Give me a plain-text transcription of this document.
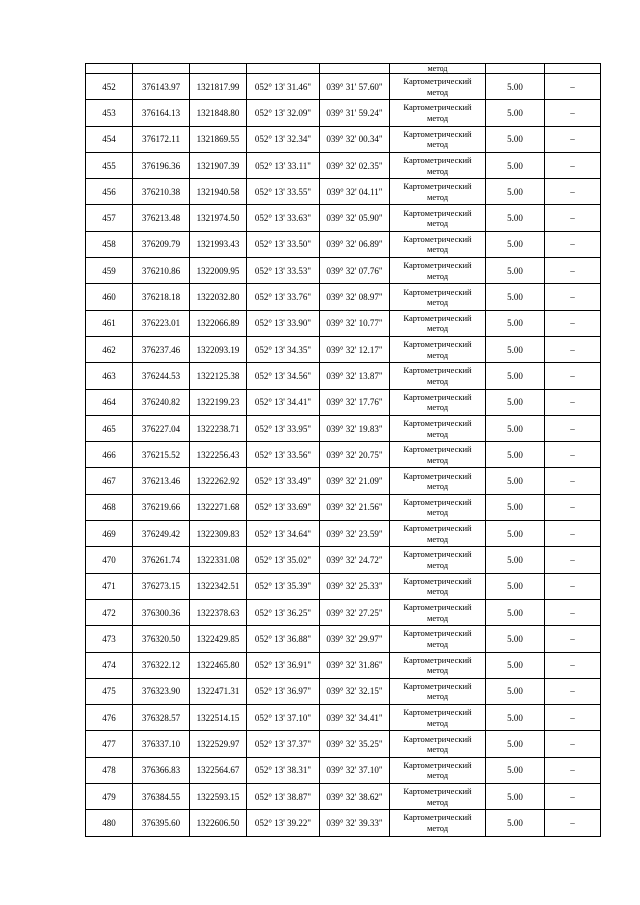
					метод		
452	376143.97	1321817.99	052° 13' 31.46"	039° 31' 57.60"	Картометрический
метод	5.00	–
453	376164.13	1321848.80	052° 13' 32.09"	039° 31' 59.24"	Картометрический
метод	5.00	–
454	376172.11	1321869.55	052° 13' 32.34"	039° 32' 00.34"	Картометрический
метод	5.00	–
455	376196.36	1321907.39	052° 13' 33.11"	039° 32' 02.35"	Картометрический
метод	5.00	–
456	376210.38	1321940.58	052° 13' 33.55"	039° 32' 04.11"	Картометрический
метод	5.00	–
457	376213.48	1321974.50	052° 13' 33.63"	039° 32' 05.90"	Картометрический
метод	5.00	–
458	376209.79	1321993.43	052° 13' 33.50"	039° 32' 06.89"	Картометрический
метод	5.00	–
459	376210.86	1322009.95	052° 13' 33.53"	039° 32' 07.76"	Картометрический
метод	5.00	–
460	376218.18	1322032.80	052° 13' 33.76"	039° 32' 08.97"	Картометрический
метод	5.00	–
461	376223.01	1322066.89	052° 13' 33.90"	039° 32' 10.77"	Картометрический
метод	5.00	–
462	376237.46	1322093.19	052° 13' 34.35"	039° 32' 12.17"	Картометрический
метод	5.00	–
463	376244.53	1322125.38	052° 13' 34.56"	039° 32' 13.87"	Картометрический
метод	5.00	–
464	376240.82	1322199.23	052° 13' 34.41"	039° 32' 17.76"	Картометрический
метод	5.00	–
465	376227.04	1322238.71	052° 13' 33.95"	039° 32' 19.83"	Картометрический
метод	5.00	–
466	376215.52	1322256.43	052° 13' 33.56"	039° 32' 20.75"	Картометрический
метод	5.00	–
467	376213.46	1322262.92	052° 13' 33.49"	039° 32' 21.09"	Картометрический
метод	5.00	–
468	376219.66	1322271.68	052° 13' 33.69"	039° 32' 21.56"	Картометрический
метод	5.00	–
469	376249.42	1322309.83	052° 13' 34.64"	039° 32' 23.59"	Картометрический
метод	5.00	–
470	376261.74	1322331.08	052° 13' 35.02"	039° 32' 24.72"	Картометрический
метод	5.00	–
471	376273.15	1322342.51	052° 13' 35.39"	039° 32' 25.33"	Картометрический
метод	5.00	–
472	376300.36	1322378.63	052° 13' 36.25"	039° 32' 27.25"	Картометрический
метод	5.00	–
473	376320.50	1322429.85	052° 13' 36.88"	039° 32' 29.97"	Картометрический
метод	5.00	–
474	376322.12	1322465.80	052° 13' 36.91"	039° 32' 31.86"	Картометрический
метод	5.00	–
475	376323.90	1322471.31	052° 13' 36.97"	039° 32' 32.15"	Картометрический
метод	5.00	–
476	376328.57	1322514.15	052° 13' 37.10"	039° 32' 34.41"	Картометрический
метод	5.00	–
477	376337.10	1322529.97	052° 13' 37.37"	039° 32' 35.25"	Картометрический
метод	5.00	–
478	376366.83	1322564.67	052° 13' 38.31"	039° 32' 37.10"	Картометрический
метод	5.00	–
479	376384.55	1322593.15	052° 13' 38.87"	039° 32' 38.62"	Картометрический
метод	5.00	–
480	376395.60	1322606.50	052° 13' 39.22"	039° 32' 39.33"	Картометрический
метод	5.00	–
